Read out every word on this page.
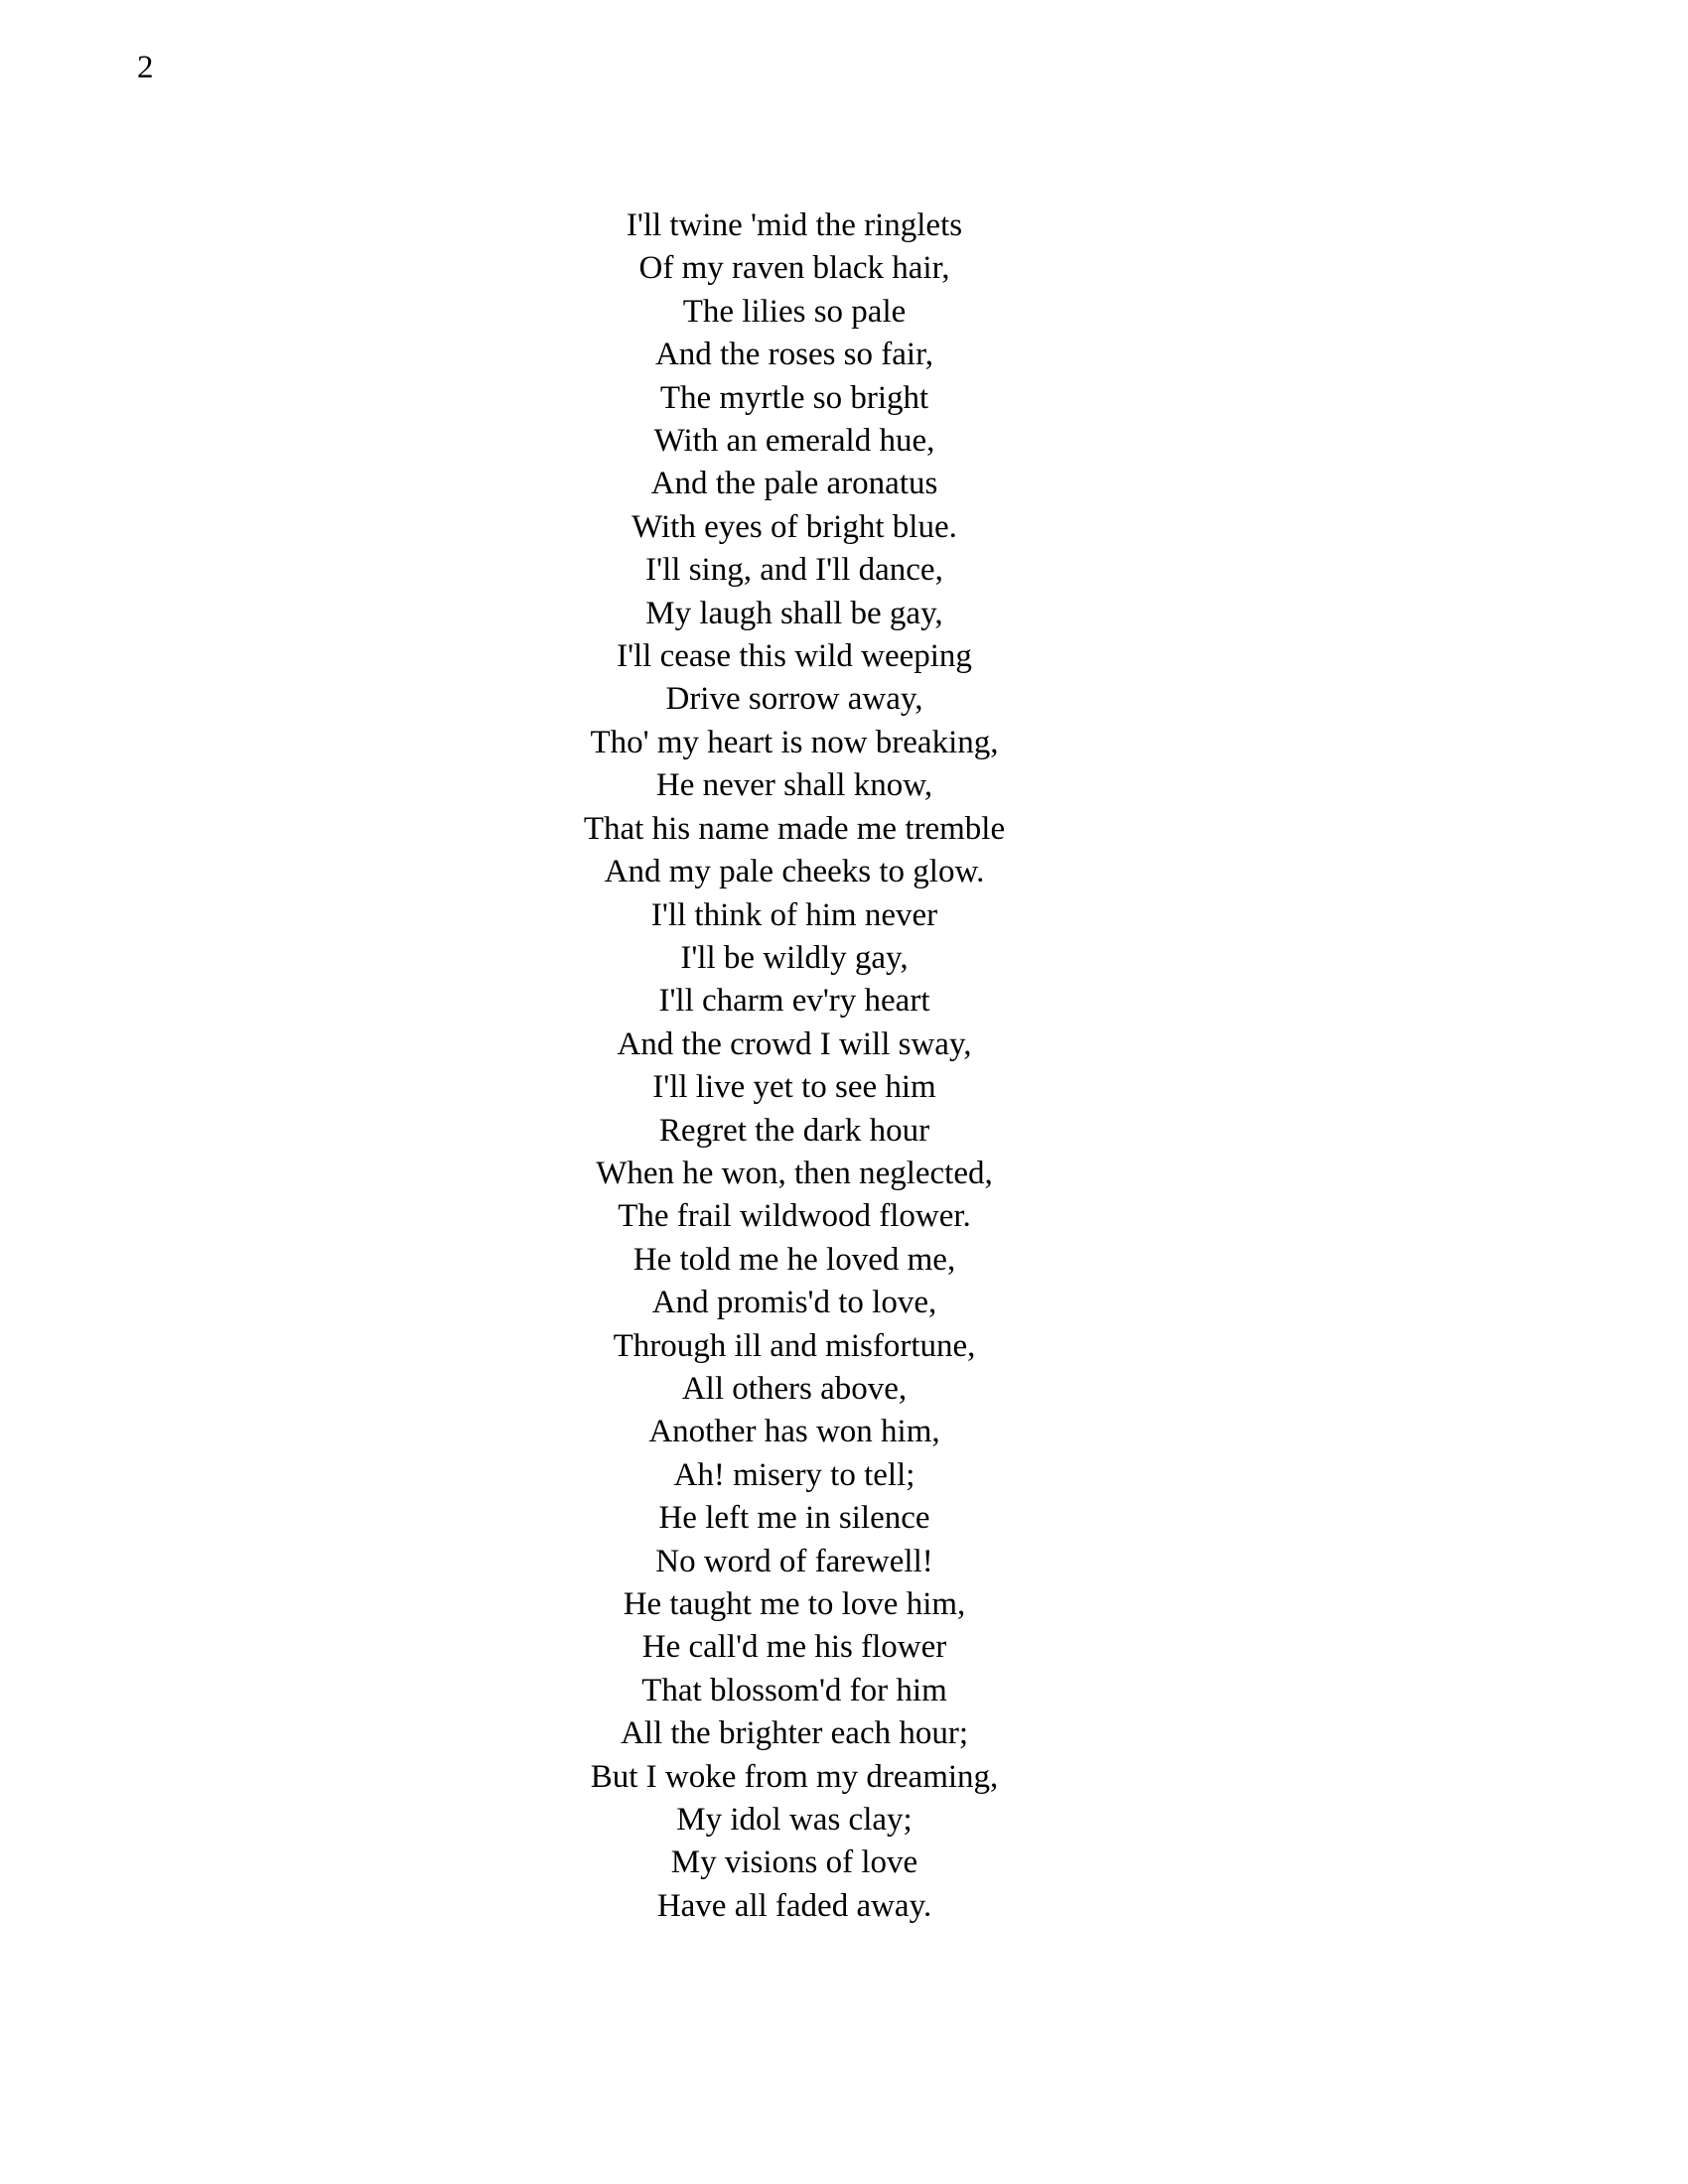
2
I'll twine 'mid the ringlets
Of my raven black hair,
The lilies so pale
And the roses so fair,
The myrtle so bright
With an emerald hue,
And the pale aronatus
With eyes of bright blue.
I'll sing, and I'll dance,
My laugh shall be gay,
I'll cease this wild weeping
Drive sorrow away,
Tho' my heart is now breaking,
He never shall know,
That his name made me tremble
And my pale cheeks to glow.
I'll think of him never
I'll be wildly gay,
I'll charm ev'ry heart
And the crowd I will sway,
I'll live yet to see him
Regret the dark hour
When he won, then neglected,
The frail wildwood flower.
He told me he loved me,
And promis'd to love,
Through ill and misfortune,
All others above,
Another has won him,
Ah! misery to tell;
He left me in silence
No word of farewell!
He taught me to love him,
He call'd me his flower
That blossom'd for him
All the brighter each hour;
But I woke from my dreaming,
My idol was clay;
My visions of love
Have all faded away.
